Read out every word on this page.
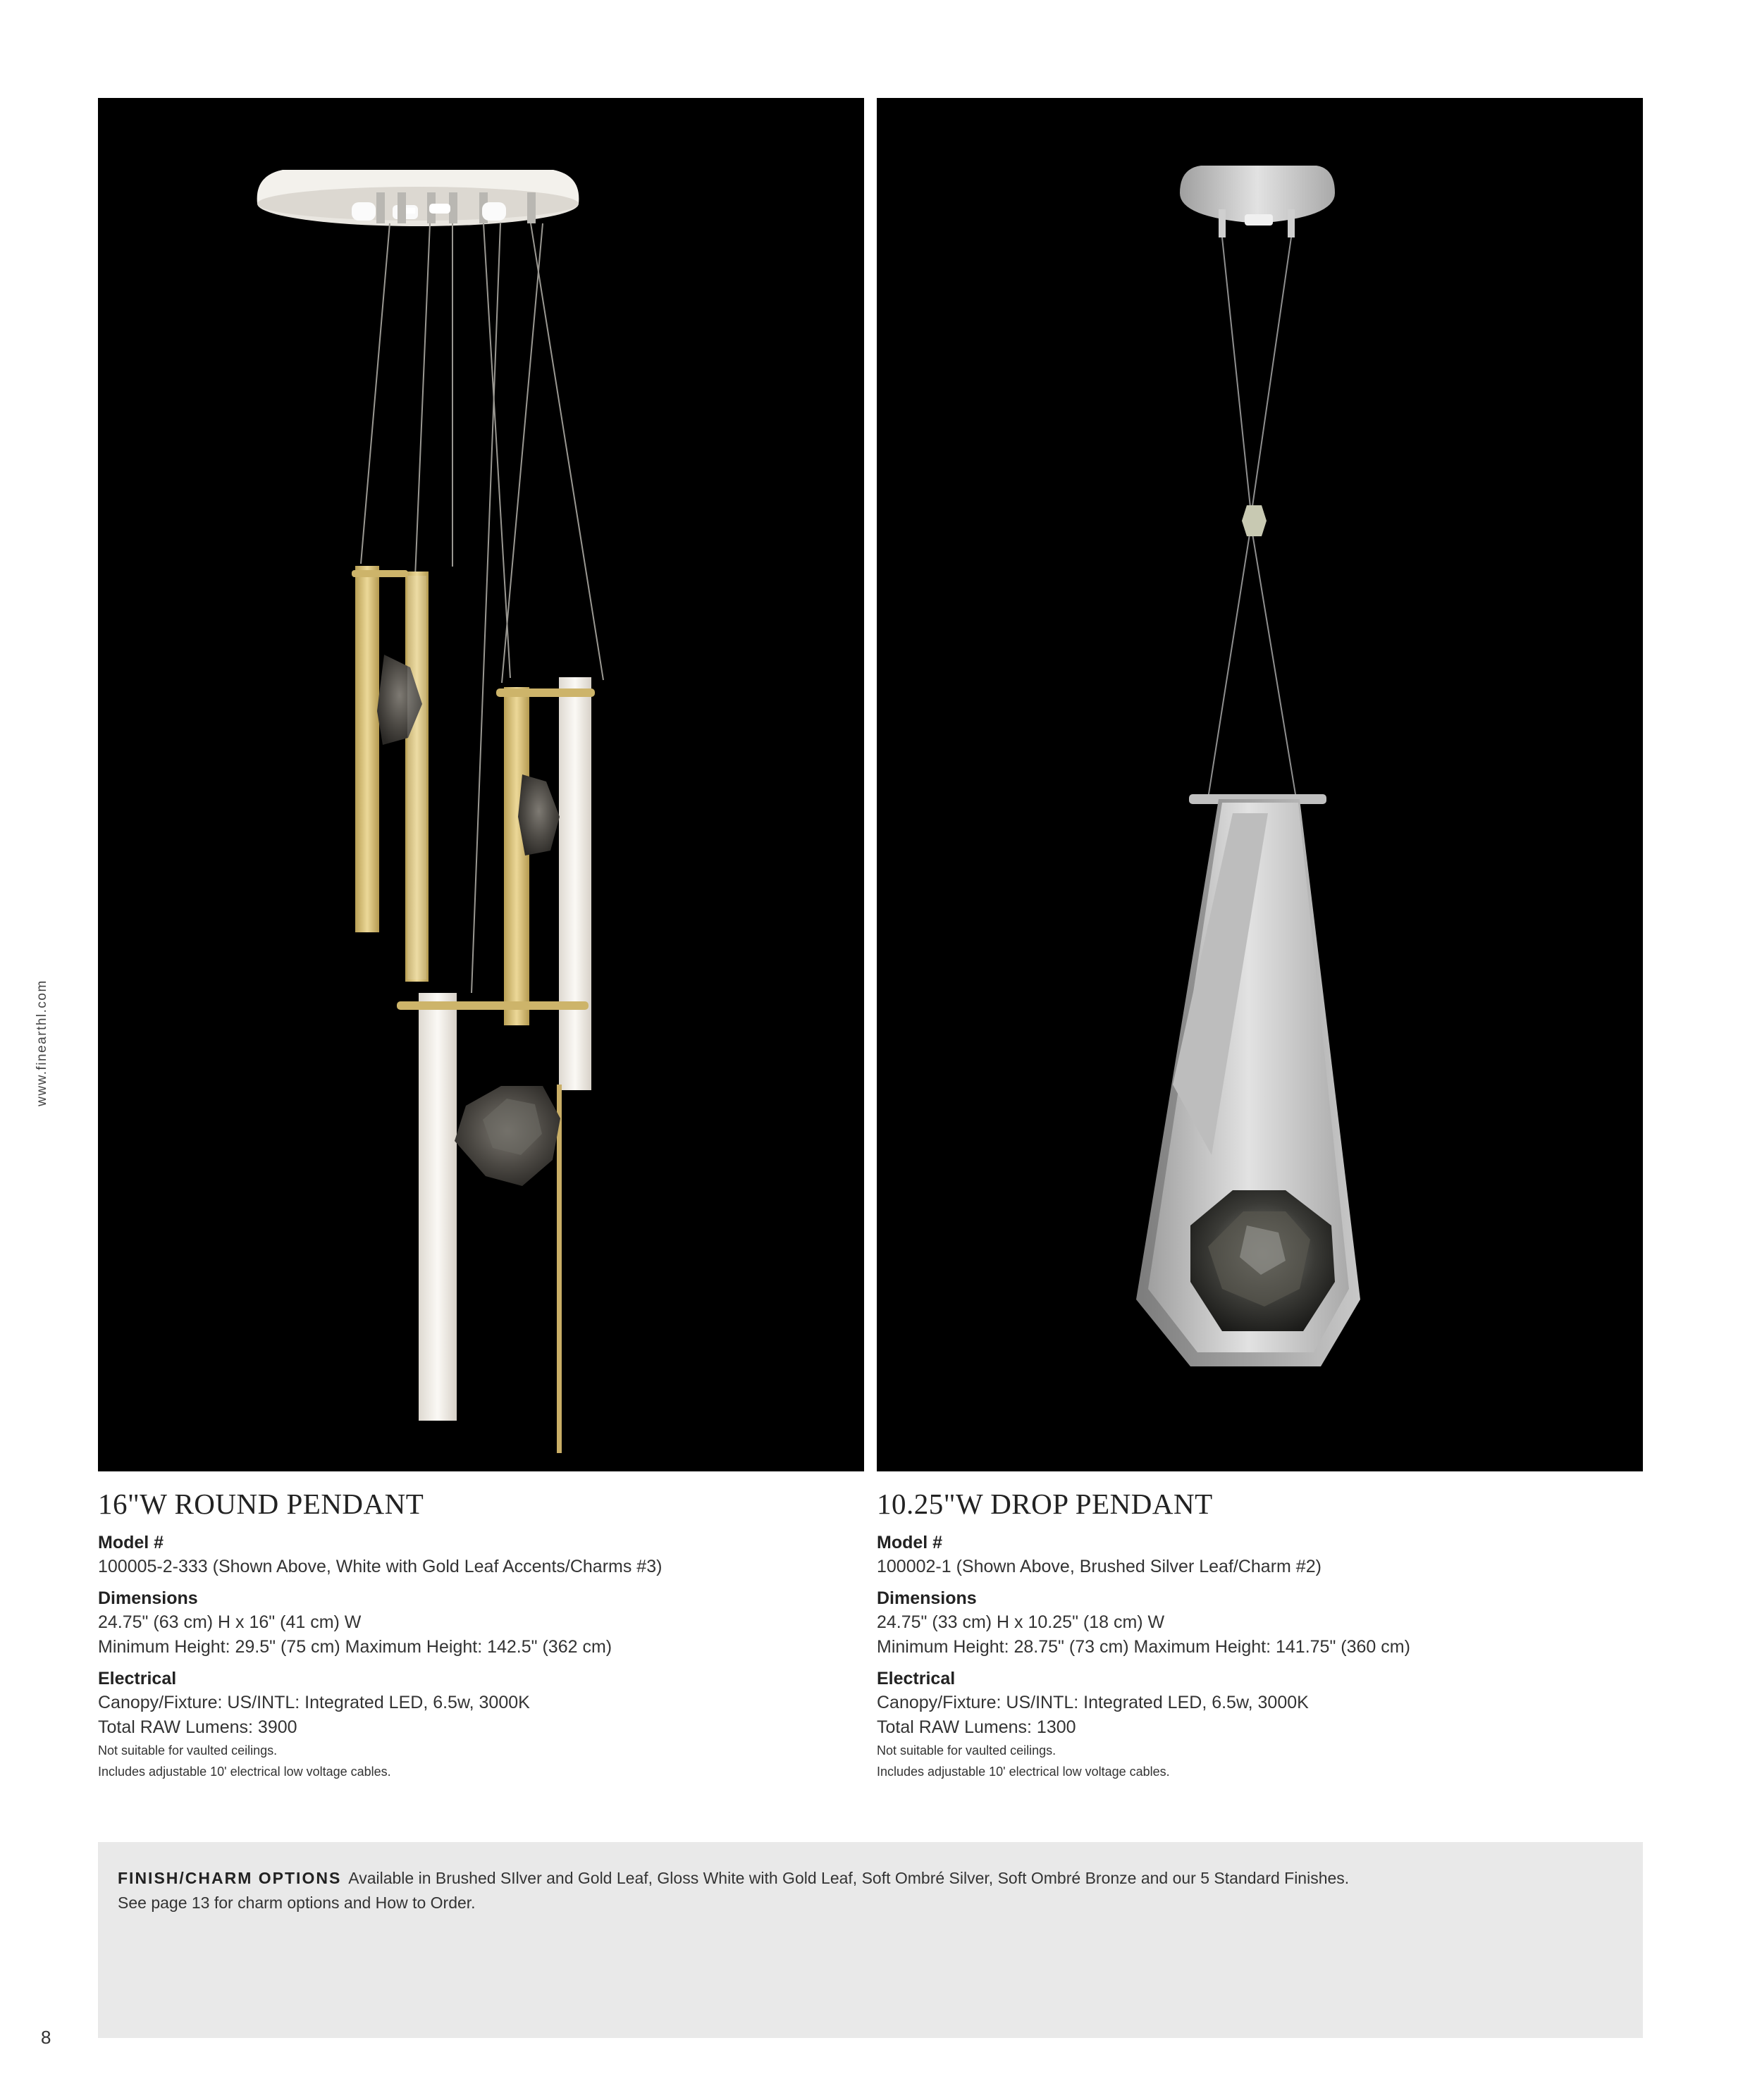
www.finearthl.com
16"W ROUND PENDANT
Model #
100005-2-333 (Shown Above, White with Gold Leaf Accents/Charms #3)
Dimensions
24.75" (63 cm) H x 16" (41 cm) W
Minimum Height: 29.5" (75 cm) Maximum Height: 142.5" (362 cm)
Electrical
Canopy/Fixture: US/INTL: Integrated LED, 6.5w, 3000K
Total RAW Lumens: 3900
Not suitable for vaulted ceilings.
Includes adjustable 10' electrical low voltage cables.
10.25"W DROP PENDANT
Model #
100002-1 (Shown Above, Brushed Silver Leaf/Charm #2)
Dimensions
24.75" (33 cm) H x 10.25" (18 cm) W
Minimum Height: 28.75" (73 cm) Maximum Height: 141.75" (360 cm)
Electrical
Canopy/Fixture: US/INTL: Integrated LED, 6.5w, 3000K
Total RAW Lumens: 1300
Not suitable for vaulted ceilings.
Includes adjustable 10' electrical low voltage cables.

FINISH/CHARM OPTIONS Available in Brushed SIlver and Gold Leaf, Gloss White with Gold Leaf, Soft Ombré Silver, Soft Ombré Bronze and our 5 Standard Finishes.

See page 13 for charm options and How to Order.

8
